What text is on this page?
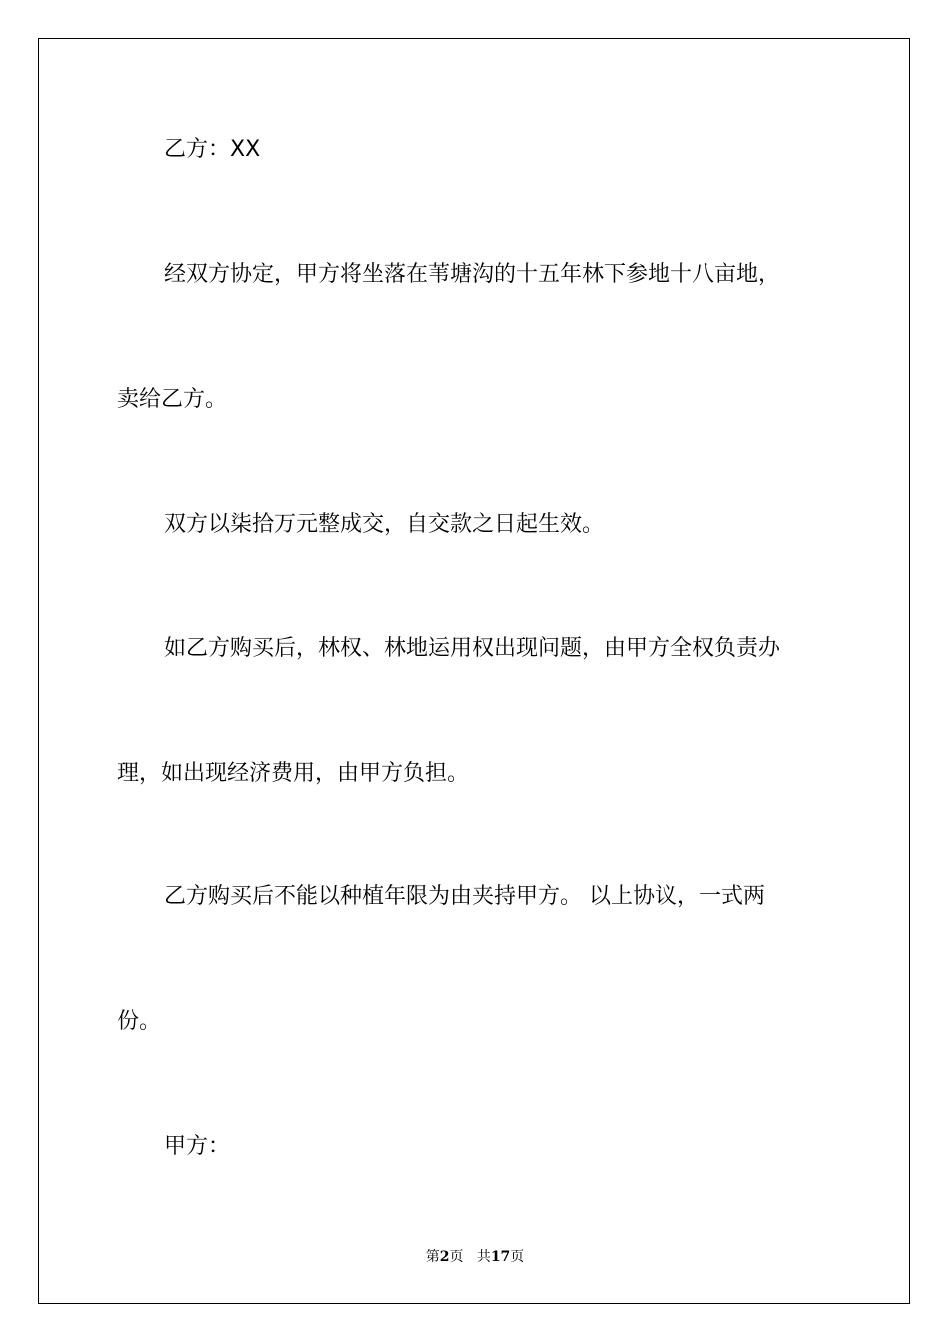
乙方：XX
经双方协定，甲方将坐落在苇塘沟的十五年林下参地十八亩地，
卖给乙方。
双方以柒拾万元整成交，自交款之日起生效。
如乙方购买后，林权、林地运用权出现问题，由甲方全权负责办
理，如出现经济费用，由甲方负担。
乙方购买后不能以种植年限为由夹持甲方。 以上协议，一式两
份。
甲方：
第2页 共17页
